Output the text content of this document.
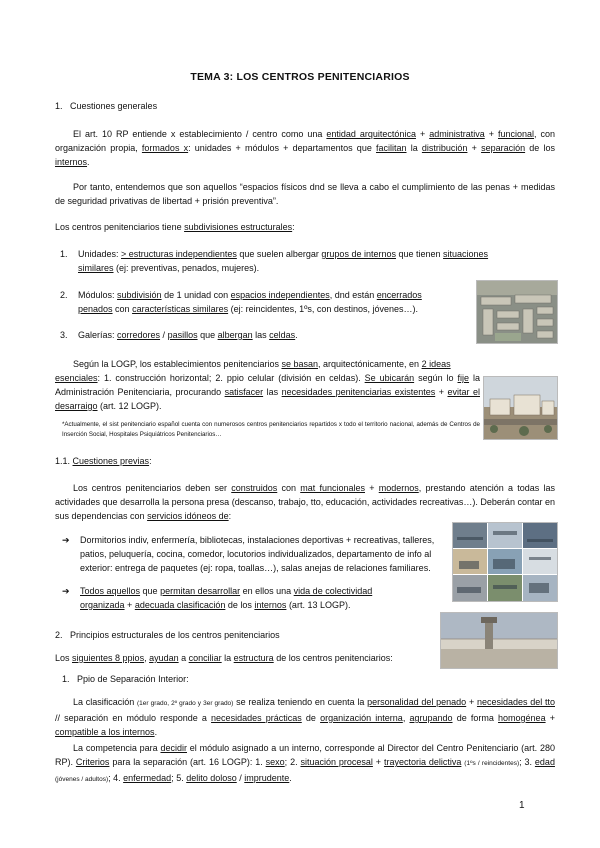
TEMA 3: LOS CENTROS PENITENCIARIOS
1.   Cuestiones generales
El art. 10 RP entiende x establecimiento / centro como una entidad arquitectónica + administrativa + funcional, con organización propia, formados x: unidades + módulos + departamentos que facilitan la distribución + separación de los internos.
Por tanto, entendemos que son aquellos “espacios físicos dnd se lleva a cabo el cumplimiento de las penas + medidas de seguridad privativas de libertad + prisión preventiva”.
Los centros penitenciarios tiene subdivisiones estructurales:
1. Unidades: > estructuras independientes que suelen albergar grupos de internos que tienen situaciones
similares (ej: preventivas, penados, mujeres).
2. Módulos: subdivisión de 1 unidad con espacios independientes, dnd están encerrados
penados con características similares (ej: reincidentes, 1ºs, con destinos, jóvenes…).
3. Galerías: corredores / pasillos que albergan las celdas.
Según la LOGP, los establecimientos penitenciarios se basan, arquitectónicamente, en 2 ideas
esenciales: 1. construcción horizontal; 2. ppio celular (división en celdas). Se ubicarán según lo fije la Administración Penitenciaria, procurando satisfacer las necesidades penitenciarias existentes + evitar el desarraigo (art. 12 LOGP).
*Actualmente, el sist penitenciario español cuenta con numerosos centros penitenciarios repartidos x todo el territorio nacional, además de Centros de Inserción Social, Hospitales Psiquiátricos Penitenciarios…
1.1. Cuestiones previas:
Los centros penitenciarios deben ser construidos con mat funcionales + modernos, prestando atención a todas las actividades que desarrolla la persona presa (descanso, trabajo, tto, educación, actividades recreativas…). Deberán contar en sus dependencias con servicios idóneos de:
➔ Dormitorios indiv, enfermería, bibliotecas, instalaciones deportivas + recreativas, talleres,
patios, peluquería, cocina, comedor, locutorios individualizados, departamento de info al
exterior: entrega de paquetes (ej: ropa, toallas…), salas anejas de relaciones familiares.
➔ Todos aquellos que permitan desarrollar en ellos una vida de colectividad
organizada + adecuada clasificación de los internos (art. 13 LOGP).
2.   Principios estructurales de los centros penitenciarios
Los siguientes 8 ppios, ayudan a conciliar la estructura de los centros penitenciarios:
1.   Ppio de Separación Interior:
La clasificación (1er grado, 2º grado y 3er grado) se realiza teniendo en cuenta la personalidad del penado + necesidades del tto // separación en módulo responde a necesidades prácticas de organización interna, agrupando de forma homogénea + compatible a los internos.
La competencia para decidir el módulo asignado a un interno, corresponde al Director del Centro Penitenciario (art. 280 RP). Criterios para la separación (art. 16 LOGP): 1. sexo; 2. situación procesal + trayectoria delictiva (1ºs / reincidentes); 3. edad (jóvenes / adultos); 4. enfermedad; 5. delito doloso / imprudente.
1
